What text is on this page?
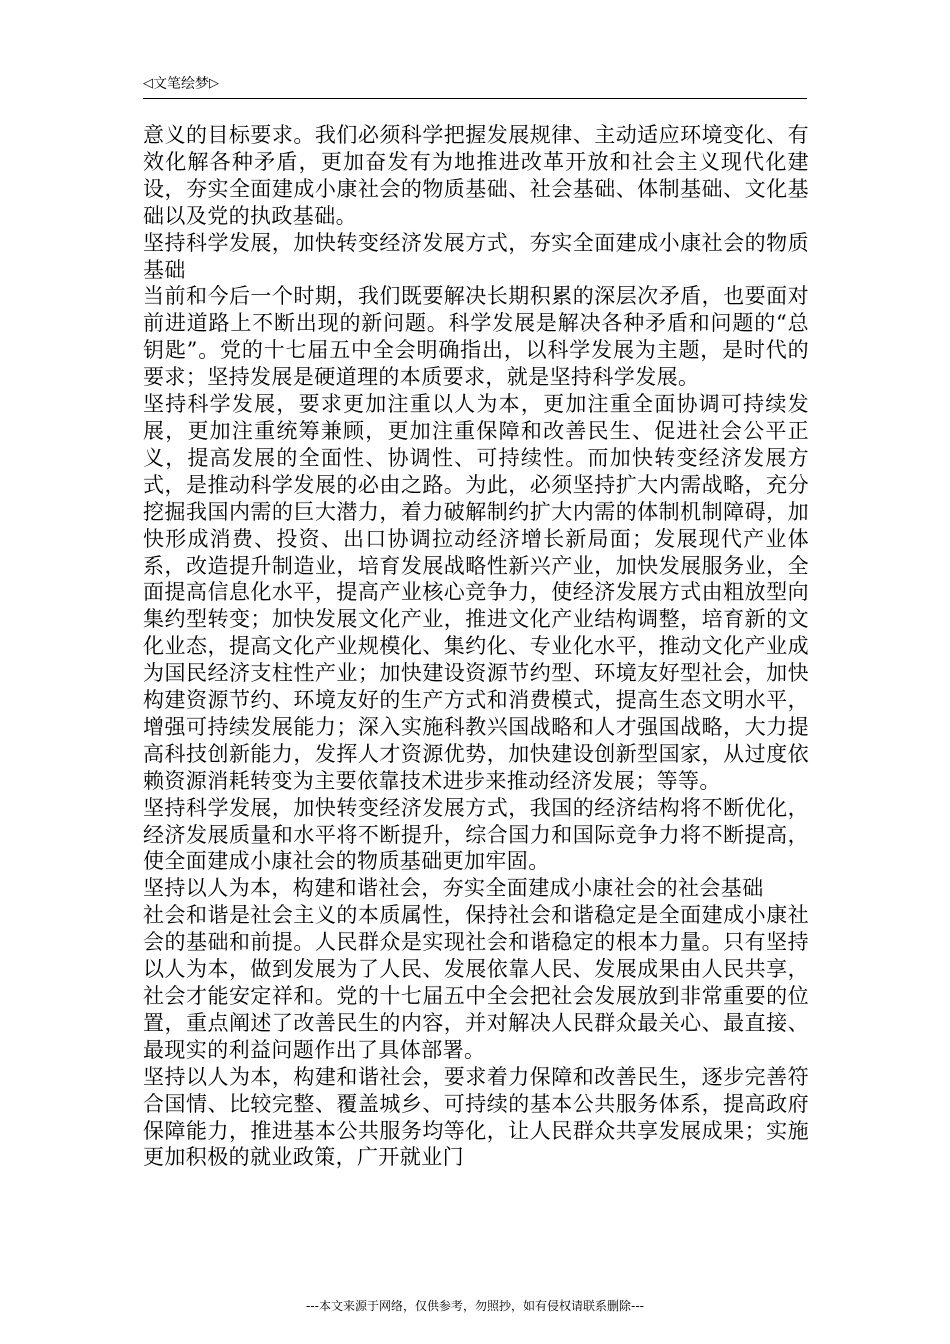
◁ 文笔绘梦 ▷

意义的目标要求。我们必须科学把握发展规律、主动适应环境变化、有效化解各种矛盾，更加奋发有为地推进改革开放和社会主义现代化建设，夯实全面建成小康社会的物质基础、社会基础、体制基础、文化基础以及党的执政基础。

坚持科学发展，加快转变经济发展方式，夯实全面建成小康社会的物质基础

当前和今后一个时期，我们既要解决长期积累的深层次矛盾，也要面对前进道路上不断出现的新问题。科学发展是解决各种矛盾和问题的“总钥匙”。党的十七届五中全会明确指出，以科学发展为主题，是时代的要求；坚持发展是硬道理的本质要求，就是坚持科学发展。

坚持科学发展，要求更加注重以人为本，更加注重全面协调可持续发展，更加注重统筹兼顾，更加注重保障和改善民生、促进社会公平正义，提高发展的全面性、协调性、可持续性。而加快转变经济发展方式，是推动科学发展的必由之路。为此，必须坚持扩大内需战略，充分挖掘我国内需的巨大潜力，着力破解制约扩大内需的体制机制障碍，加快形成消费、投资、出口协调拉动经济增长新局面；发展现代产业体系，改造提升制造业，培育发展战略性新兴产业，加快发展服务业，全面提高信息化水平，提高产业核心竞争力，使经济发展方式由粗放型向集约型转变；加快发展文化产业，推进文化产业结构调整，培育新的文化业态，提高文化产业规模化、集约化、专业化水平，推动文化产业成为国民经济支柱性产业；加快建设资源节约型、环境友好型社会，加快构建资源节约、环境友好的生产方式和消费模式，提高生态文明水平，增强可持续发展能力；深入实施科教兴国战略和人才强国战略，大力提高科技创新能力，发挥人才资源优势，加快建设创新型国家，从过度依赖资源消耗转变为主要依靠技术进步来推动经济发展；等等。

坚持科学发展，加快转变经济发展方式，我国的经济结构将不断优化，经济发展质量和水平将不断提升，综合国力和国际竞争力将不断提高，使全面建成小康社会的物质基础更加牢固。

坚持以人为本，构建和谐社会，夯实全面建成小康社会的社会基础

社会和谐是社会主义的本质属性，保持社会和谐稳定是全面建成小康社会的基础和前提。人民群众是实现社会和谐稳定的根本力量。只有坚持以人为本，做到发展为了人民、发展依靠人民、发展成果由人民共享，社会才能安定祥和。党的十七届五中全会把社会发展放到非常重要的位置，重点阐述了改善民生的内容，并对解决人民群众最关心、最直接、最现实的利益问题作出了具体部署。

坚持以人为本，构建和谐社会，要求着力保障和改善民生，逐步完善符合国情、比较完整、覆盖城乡、可持续的基本公共服务体系，提高政府保障能力，推进基本公共服务均等化，让人民群众共享发展成果；实施更加积极的就业政策，广开就业门

---本文来源于网络，仅供参考，勿照抄，如有侵权请联系删除---
